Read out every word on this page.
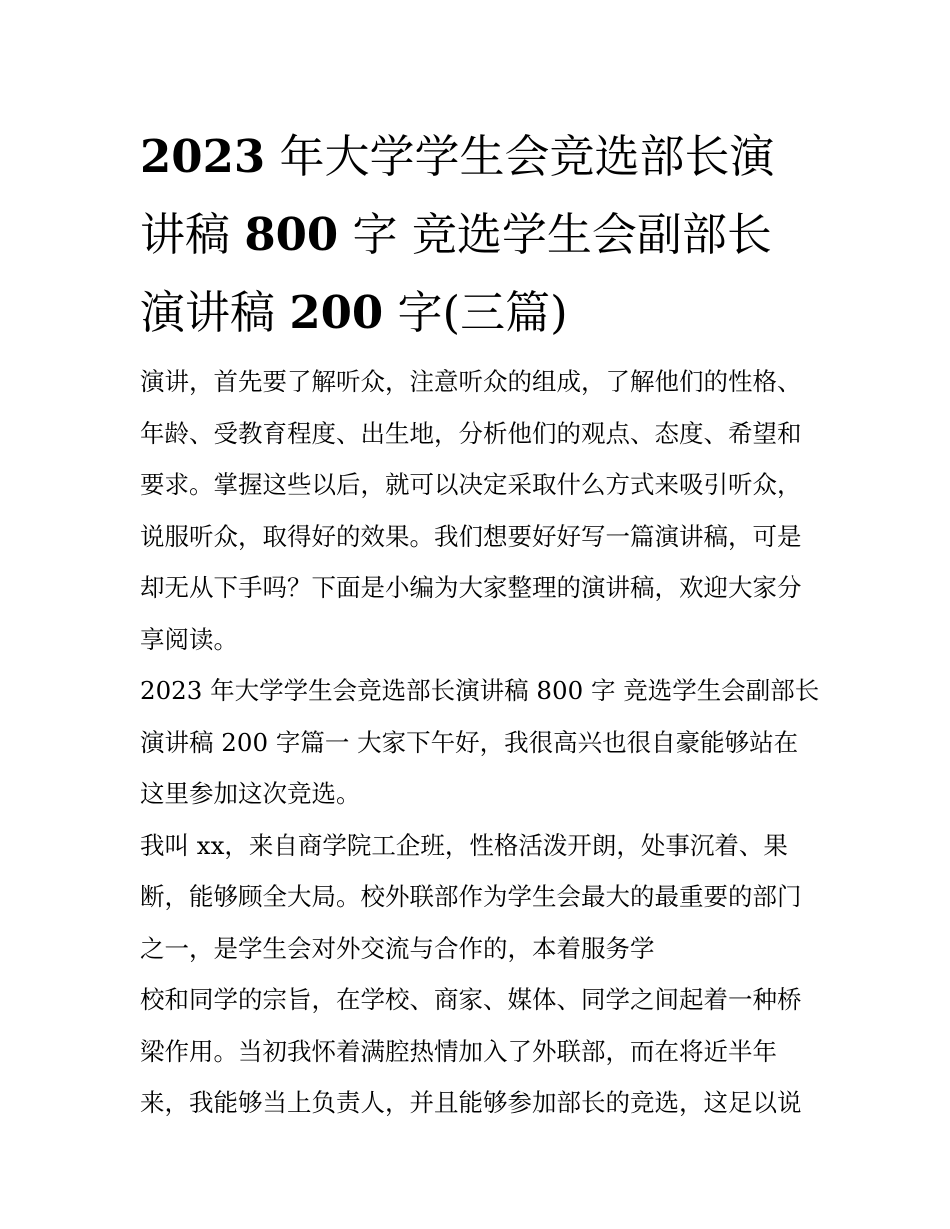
2023 年大学学生会竞选部长演
讲稿 800 字 竞选学生会副部长
演讲稿 200 字(三篇)
演讲，首先要了解听众，注意听众的组成，了解他们的性格、
年龄、受教育程度、出生地，分析他们的观点、态度、希望和
要求。掌握这些以后，就可以决定采取什么方式来吸引听众，
说服听众，取得好的效果。我们想要好好写一篇演讲稿，可是
却无从下手吗？下面是小编为大家整理的演讲稿，欢迎大家分
享阅读。
2023 年大学学生会竞选部长演讲稿 800 字 竞选学生会副部长
演讲稿 200 字篇一 大家下午好，我很高兴也很自豪能够站在
这里参加这次竞选。
我叫 xx，来自商学院工企班，性格活泼开朗，处事沉着、果
断，能够顾全大局。校外联部作为学生会最大的最重要的部门
之一，是学生会对外交流与合作的，本着服务学
校和同学的宗旨，在学校、商家、媒体、同学之间起着一种桥
梁作用。当初我怀着满腔热情加入了外联部，而在将近半年
来，我能够当上负责人，并且能够参加部长的竞选，这足以说
